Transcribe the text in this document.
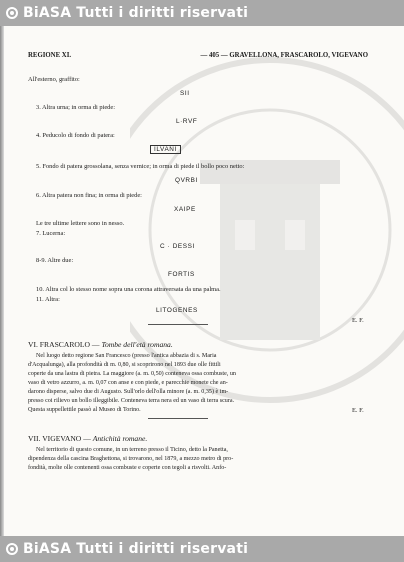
BiASA Tutti i diritti riservati
REGIONE XI.	— 405 — GRAVELLONA, FRASCAROLO, VIGEVANO
All'esterno, graffito:
SII
3. Altra urna; in orma di piede:
L·RVF
4. Peducolo di fondo di patera:
ILVANI
5. Fondo di patera grossolana, senza vernice; in orma di piede il bollo poco netto:
QVRBI
6. Altra patera non fina; in orma di piede:
XAIPE
Le tre ultime lettere sono in nesso.
7. Lucerna:
C · DESSI
8-9. Altre due:
FORTIS
10. Altra col lo stesso nome sopra una corona attraversata da una palma.
11. Altra:
LITOGENES
E. F.
VI. FRASCAROLO — Tombe dell'età romana.
Nel luogo detto regione San Francesco (presso l'antica abbazia di s. Maria
d'Acqualunga), alla profondità di m. 0,80, si scoprirono nel 1893 due olle fittili
coperte da una lastra di pietra. La maggiore (a. m. 0,50) conteneva ossa combuste, un
vaso di vetro azzurro, a. m. 0,07 con anse e con piede, e parecchie monete che an-
darono disperse, salvo due di Augusto. Sull'orlo dell'olla minore (a. m. 0,35) è im-
presso coi rilievo un bollo illeggibile. Conteneva terra nera ed un vaso di terra scura.
Questa suppellettile passò al Museo di Torino.	E. F.
VII. VIGEVANO — Antichità romane.
Nel territorio di questo comune, in un terreno presso il Ticino, detto la Panetta,
dipendenza della cascina Braghettona, si trovarono, nel 1879, a mezzo metro di pro-
fondità, molte olle contenenti ossa combuste e coperte con tegoli a risvolti. Anfo-
BiASA Tutti i diritti riservati
